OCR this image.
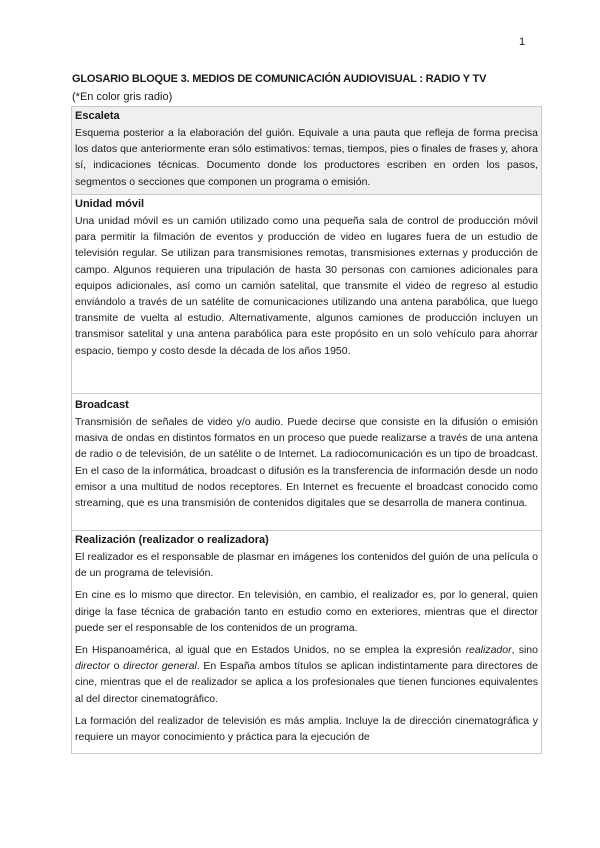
1
GLOSARIO BLOQUE 3. MEDIOS DE COMUNICACIÓN AUDIOVISUAL : RADIO Y TV
(*En color gris radio)
Escaleta

Esquema posterior a la elaboración del guión. Equivale a una pauta que refleja de forma precisa los datos que anteriormente eran sólo estimativos: temas, tiempos, pies o finales de frases y, ahora sí, indicaciones técnicas. Documento donde los productores escriben en orden los pasos, segmentos o secciones que componen un programa o emisión.

Unidad móvil

Una unidad móvil es un camión utilizado como una pequeña sala de control de producción móvil para permitir la filmación de eventos y producción de video en lugares fuera de un estudio de televisión regular. Se utilizan para transmisiones remotas, transmisiones externas y producción de campo. Algunos requieren una tripulación de hasta 30 personas con camiones adicionales para equipos adicionales, así como un camión satelital, que transmite el video de regreso al estudio enviándolo a través de un satélite de comunicaciones utilizando una antena parabólica, que luego transmite de vuelta al estudio. Alternativamente, algunos camiones de producción incluyen un transmisor satelital y una antena parabólica para este propósito en un solo vehículo para ahorrar espacio, tiempo y costo desde la década de los años 1950.

Broadcast

Transmisión de señales de video y/o audio. Puede decirse que consiste en la difusión o emisión masiva de ondas en distintos formatos en un proceso que puede realizarse a través de una antena de radio o de televisión, de un satélite o de Internet. La radiocomunicación es un tipo de broadcast. En el caso de la informática, broadcast o difusión es la transferencia de información desde un nodo emisor a una multitud de nodos receptores. En Internet es frecuente el broadcast conocido como streaming, que es una transmisión de contenidos digitales que se desarrolla de manera continua.

Realización (realizador o realizadora)

El realizador es el responsable de plasmar en imágenes los contenidos del guión de una película o de un programa de televisión.

En cine es lo mismo que director. En televisión, en cambio, el realizador es, por lo general, quien dirige la fase técnica de grabación tanto en estudio como en exteriores, mientras que el director puede ser el responsable de los contenidos de un programa.

En Hispanoamérica, al igual que en Estados Unidos, no se emplea la expresión realizador, sino director o director general. En España ambos títulos se aplican indistintamente para directores de cine, mientras que el de realizador se aplica a los profesionales que tienen funciones equivalentes al del director cinematográfico.

La formación del realizador de televisión es más amplia. Incluye la de dirección cinematográfica y requiere un mayor conocimiento y práctica para la ejecución de
